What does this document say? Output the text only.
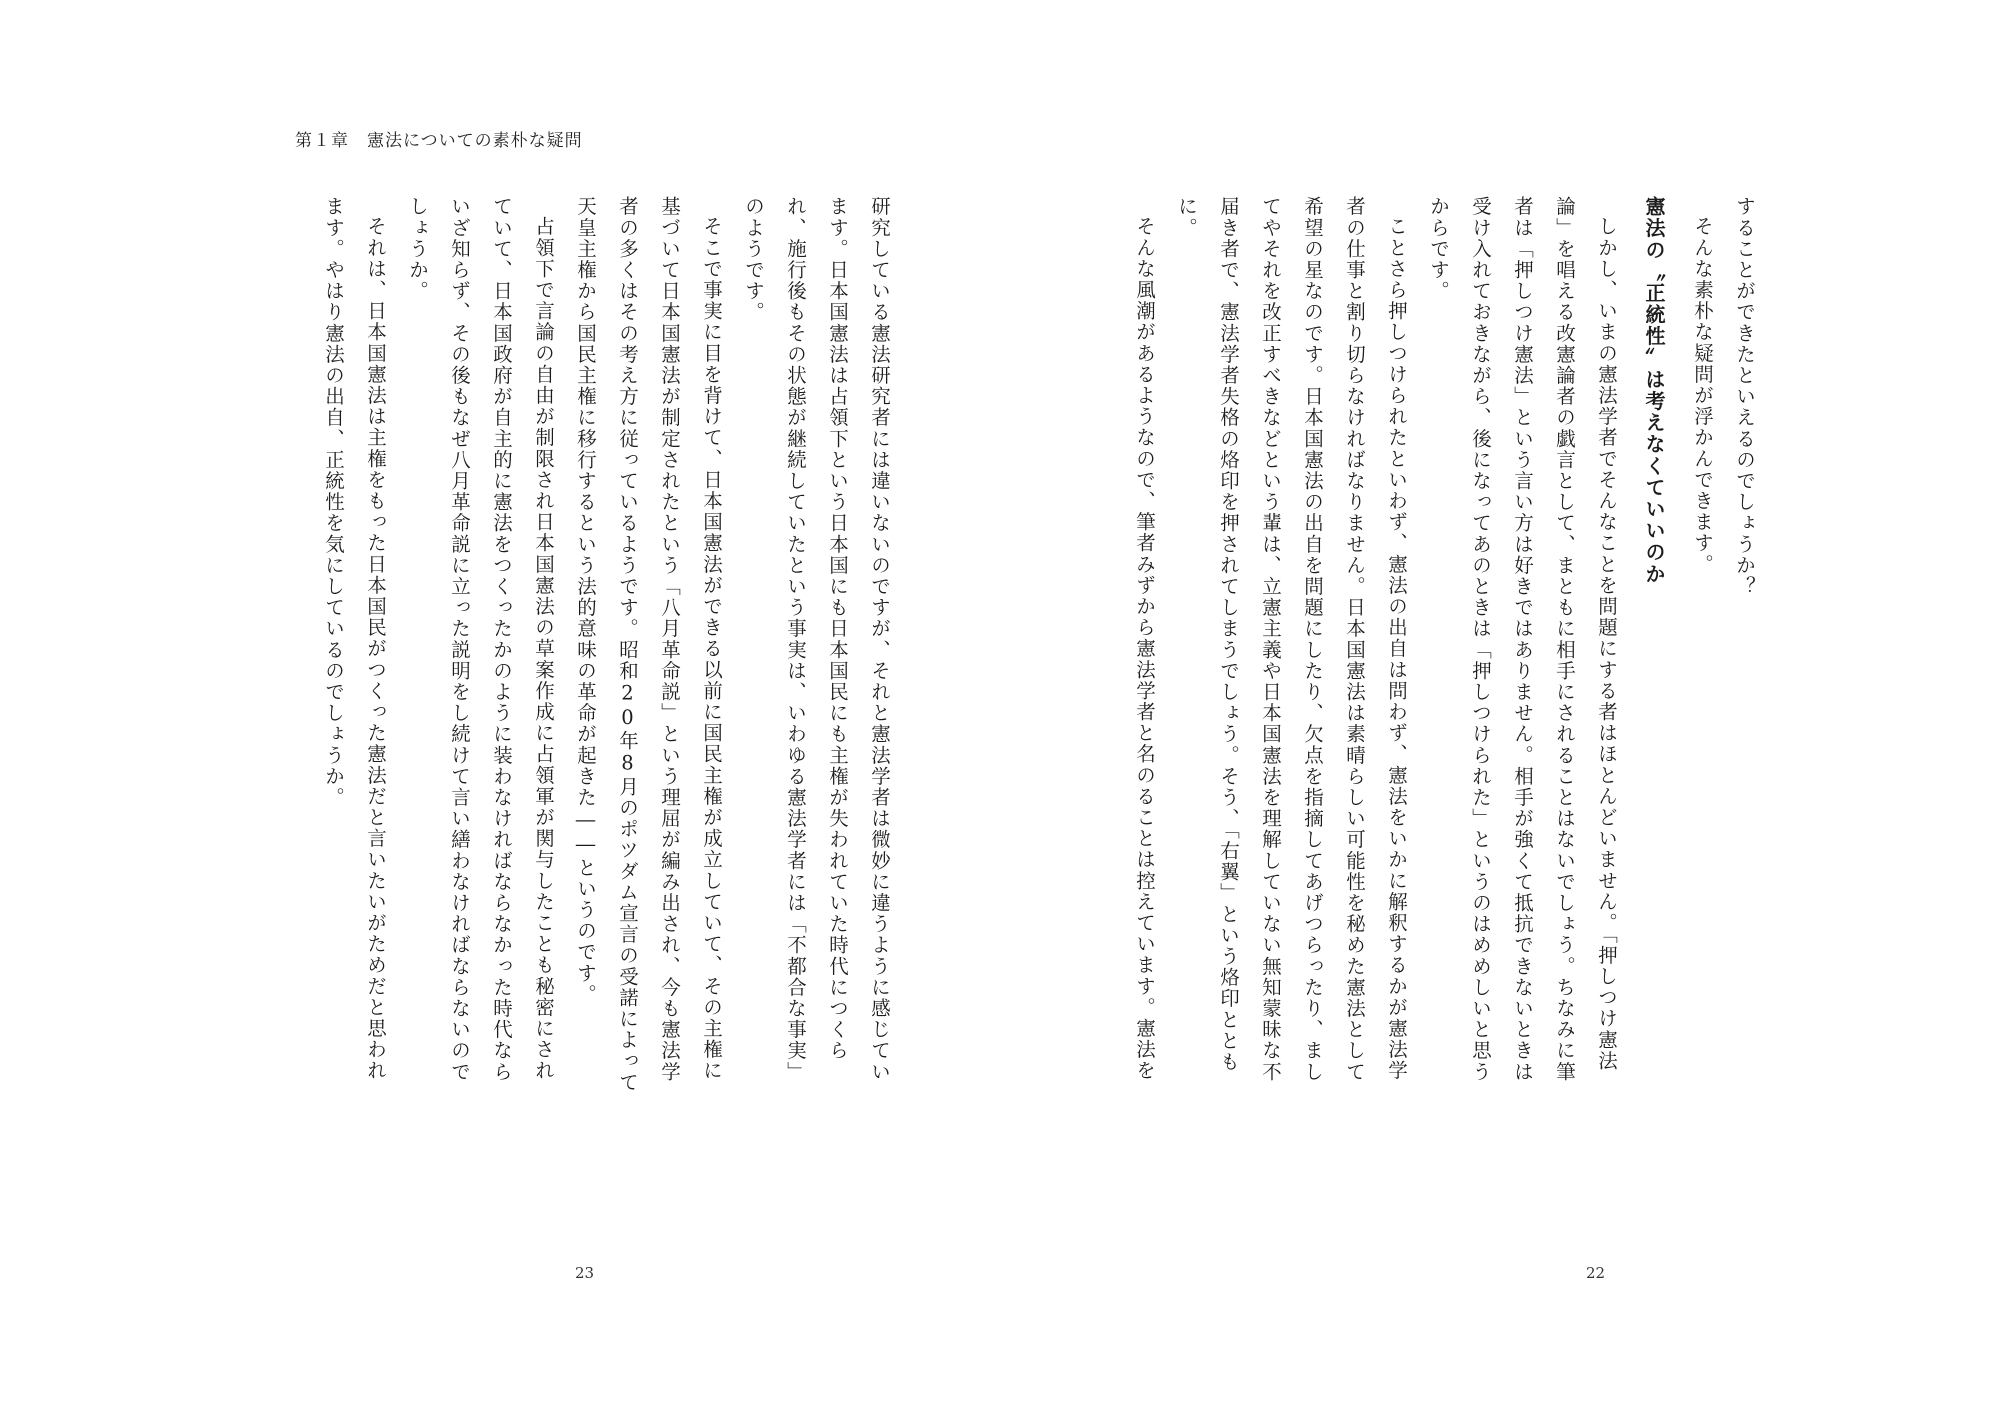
第１章　憲法についての素朴な疑問

研究している憲法研究者には違いないのですが、それと憲法学者は微妙に違うように感じています。日本国憲法は占領下という日本国にも日本国民にも主権が失われていた時代につくられ、施行後もその状態が継続していたという事実は、いわゆる憲法学者には「不都合な事実」のようです。

そこで事実に目を背けて、日本国憲法ができる以前に国民主権が成立していて、その主権に基づいて日本国憲法が制定されたという「八月革命説」という理屈が編み出され、今も憲法学者の多くはその考え方に従っているようです。昭和20年8月のポツダム宣言の受諾によって天皇主権から国民主権に移行するという法的意味の革命が起きた――というのです。

占領下で言論の自由が制限され日本国憲法の草案作成に占領軍が関与したことも秘密にされていて、日本国政府が自主的に憲法をつくったかのように装わなければならなかった時代ならいざ知らず、その後もなぜ八月革命説に立った説明をし続けて言い繕わなければならないのでしょうか。

それは、日本国憲法は主権をもった日本国民がつくった憲法だと言いたいがためだと思われます。やはり憲法の出自、正統性を気にしているのでしょうか。

23

することができたといえるのでしょうか？

そんな素朴な疑問が浮かんできます。

憲法の〝正統性〟は考えなくていいのか

しかし、いまの憲法学者でそんなことを問題にする者はほとんどいません。「押しつけ憲法論」を唱える改憲論者の戯言として、まともに相手にされることはないでしょう。ちなみに筆者は「押しつけ憲法」という言い方は好きではありません。相手が強くて抵抗できないときは受け入れておきながら、後になってあのときは「押しつけられた」というのはめめしいと思うからです。

ことさら押しつけられたといわず、憲法の出自は問わず、憲法をいかに解釈するかが憲法学者の仕事と割り切らなければなりません。日本国憲法は素晴らしい可能性を秘めた憲法として希望の星なのです。日本国憲法の出自を問題にしたり、欠点を指摘してあげつらったり、ましてやそれを改正すべきなどという輩は、立憲主義や日本国憲法を理解していない無知蒙昧な不届き者で、憲法学者失格の烙印を押されてしまうでしょう。そう、「右翼」という烙印とともに。

そんな風潮があるようなので、筆者みずから憲法学者と名のることは控えています。憲法を

22
